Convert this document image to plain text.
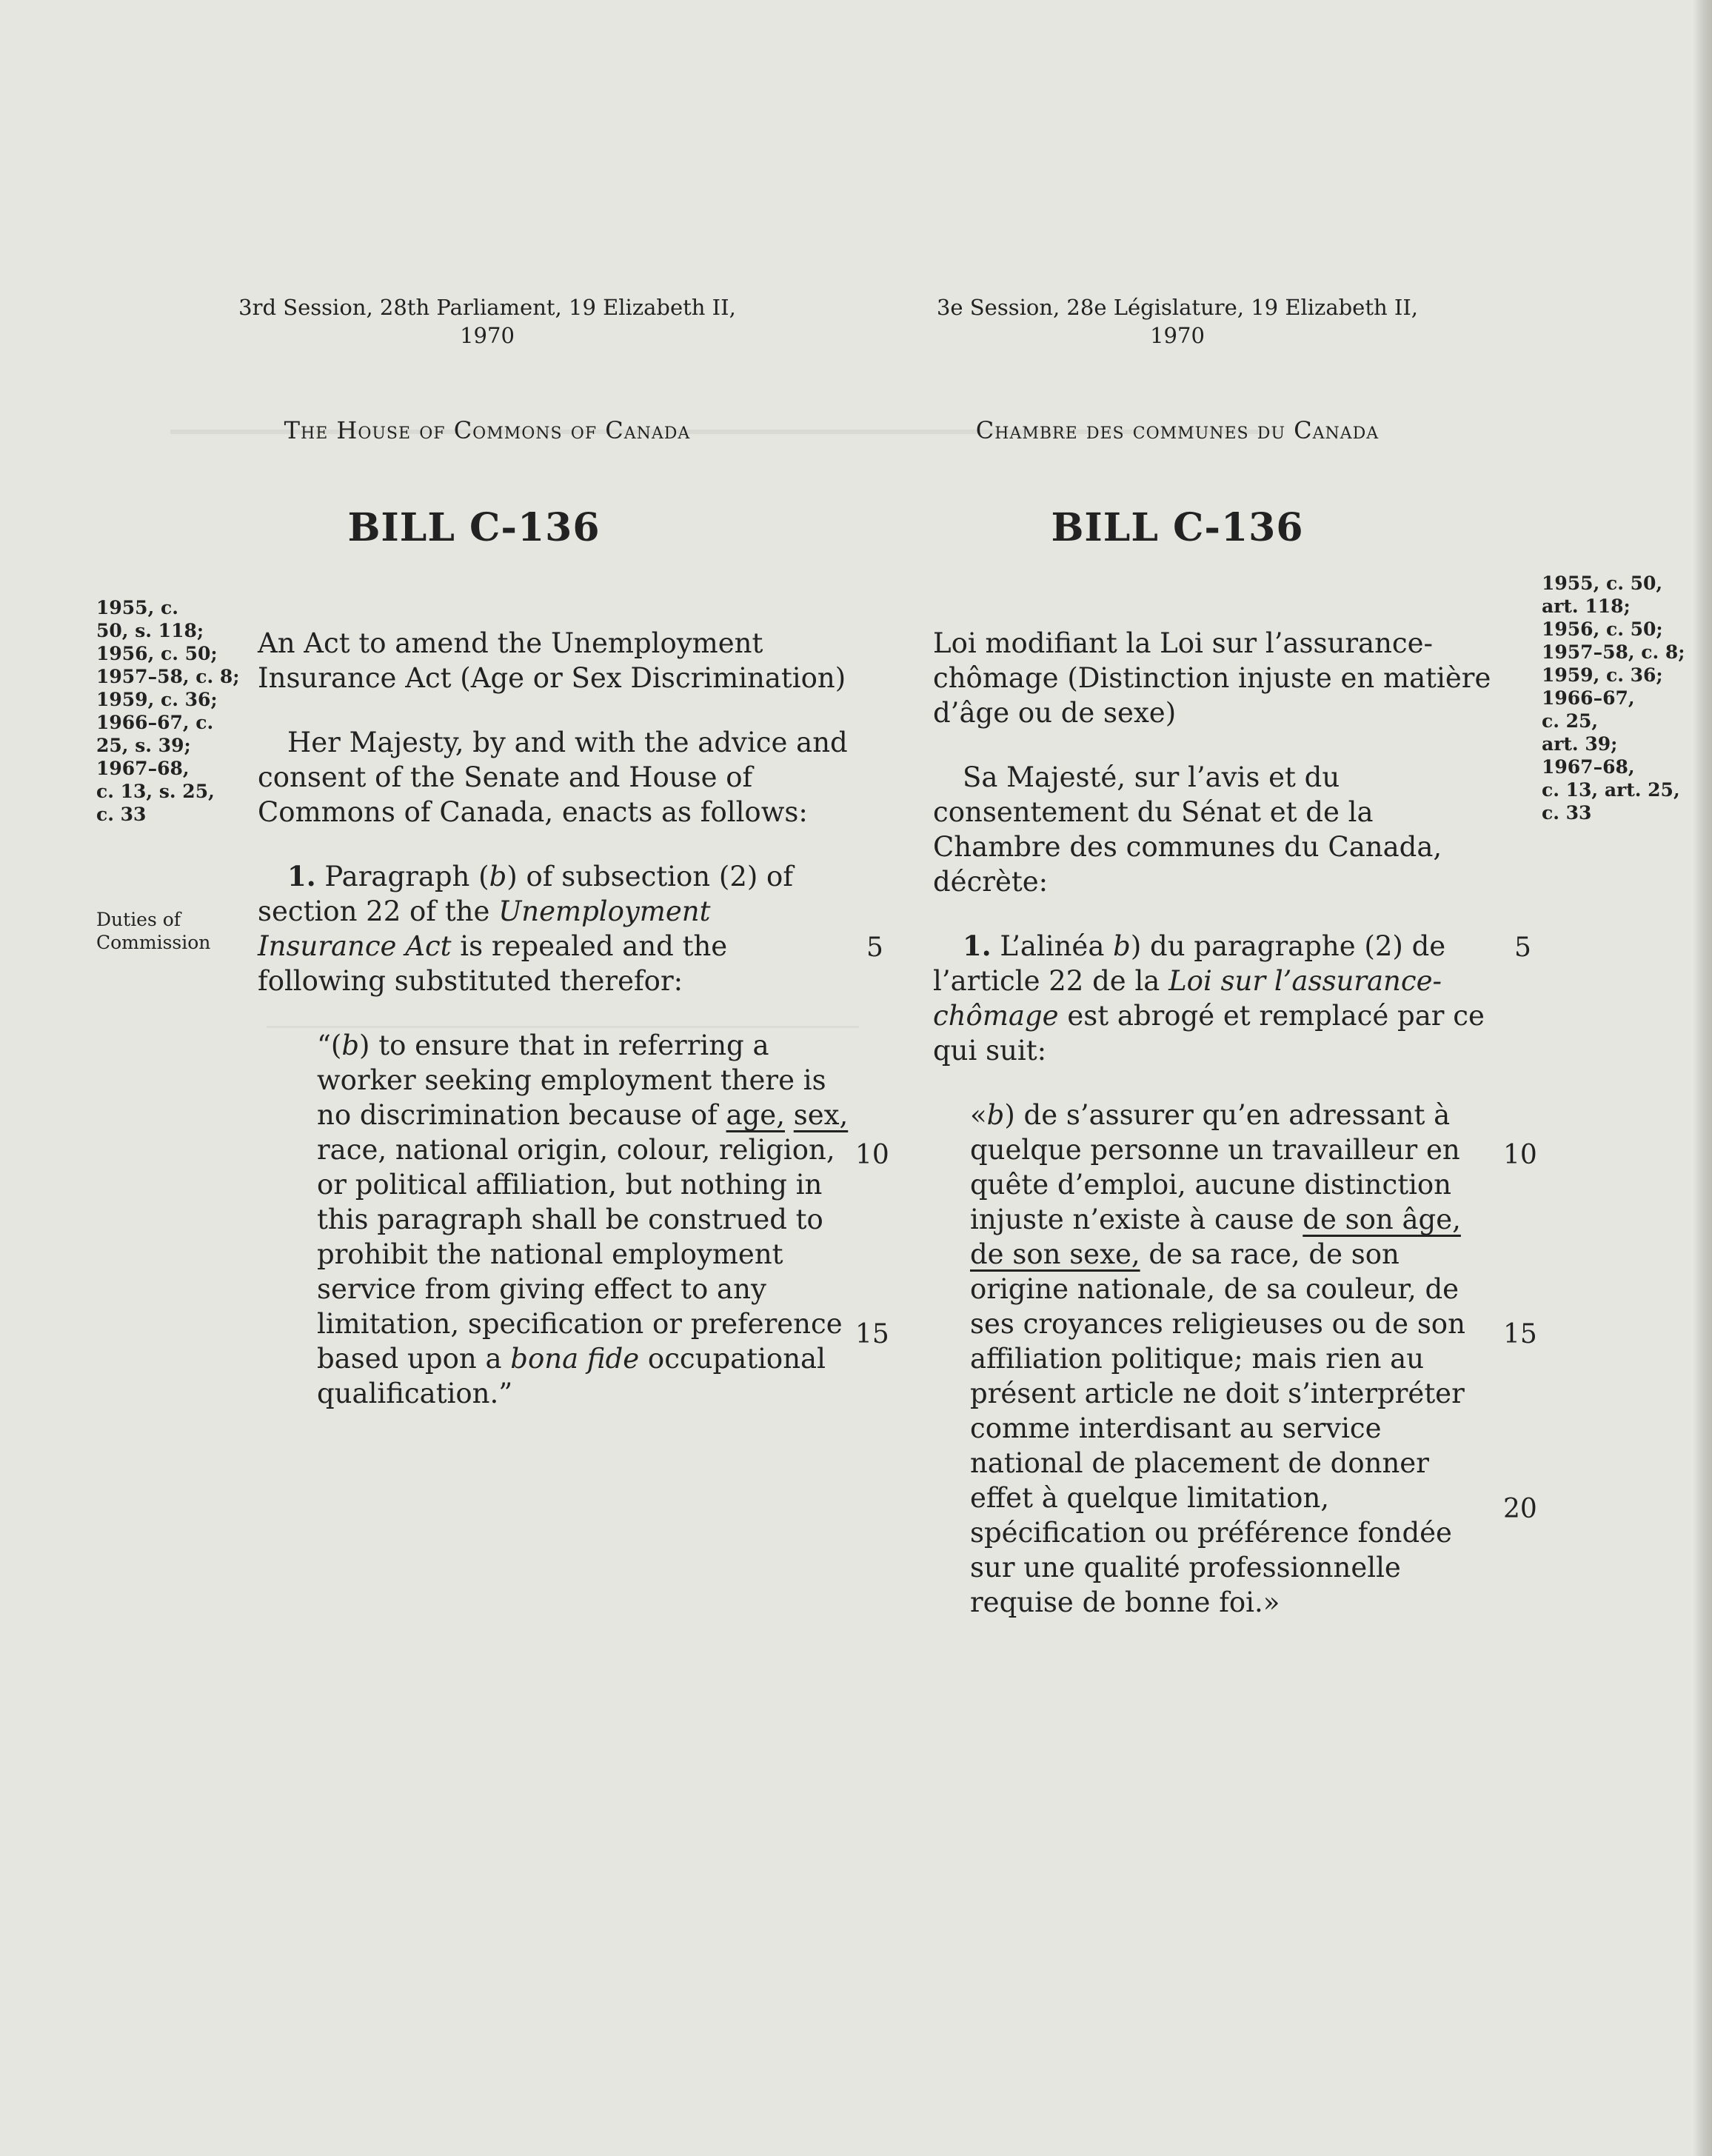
3rd Session, 28th Parliament, 19 Elizabeth II,
1970
The House of Commons of Canada
BILL C-136
3e Session, 28e Législature, 19 Elizabeth II,
1970
Chambre des communes du Canada
BILL C-136
1955, c.
50, s. 118;
1956, c. 50;
1957–58, c. 8;
1959, c. 36;
1966–67, c.
25, s. 39;
1967–68,
c. 13, s. 25,
c. 33
Duties of
Commission

An Act to amend the Unemployment Insurance Act (Age or Sex Discrimination)

Her Majesty, by and with the advice and consent of the Senate and House of Commons of Canada, enacts as follows:

1. Paragraph (b) of subsection (2) of section 22 of the Unemployment Insurance Act is repealed and the following substituted therefor:

“(b) to ensure that in referring a worker seeking employment there is no discrimination because of age, sex, race, national origin, colour, religion, or political affiliation, but nothing in this paragraph shall be construed to prohibit the national employment service from giving effect to any limitation, specification or preference based upon a bona fide occupational qualification.”

5
10
15
5
10
15
20

Loi modifiant la Loi sur l’assurance-chômage (Distinction injuste en matière d’âge ou de sexe)

Sa Majesté, sur l’avis et du consentement du Sénat et de la Chambre des communes du Canada, décrète:

1. L’alinéa b) du paragraphe (2) de l’article 22 de la Loi sur l’assurance-chômage est abrogé et remplacé par ce qui suit:

«b) de s’assurer qu’en adressant à quelque personne un travailleur en quête d’emploi, aucune distinction injuste n’existe à cause de son âge, de son sexe, de sa race, de son origine nationale, de sa couleur, de ses croyances religieuses ou de son affiliation politique; mais rien au présent article ne doit s’interpréter comme interdisant au service national de placement de donner effet à quelque limitation, spécification ou préférence fondée sur une qualité professionnelle requise de bonne foi.»

1955, c. 50,
art. 118;
1956, c. 50;
1957–58, c. 8;
1959, c. 36;
1966–67,
c. 25,
art. 39;
1967–68,
c. 13, art. 25,
c. 33
